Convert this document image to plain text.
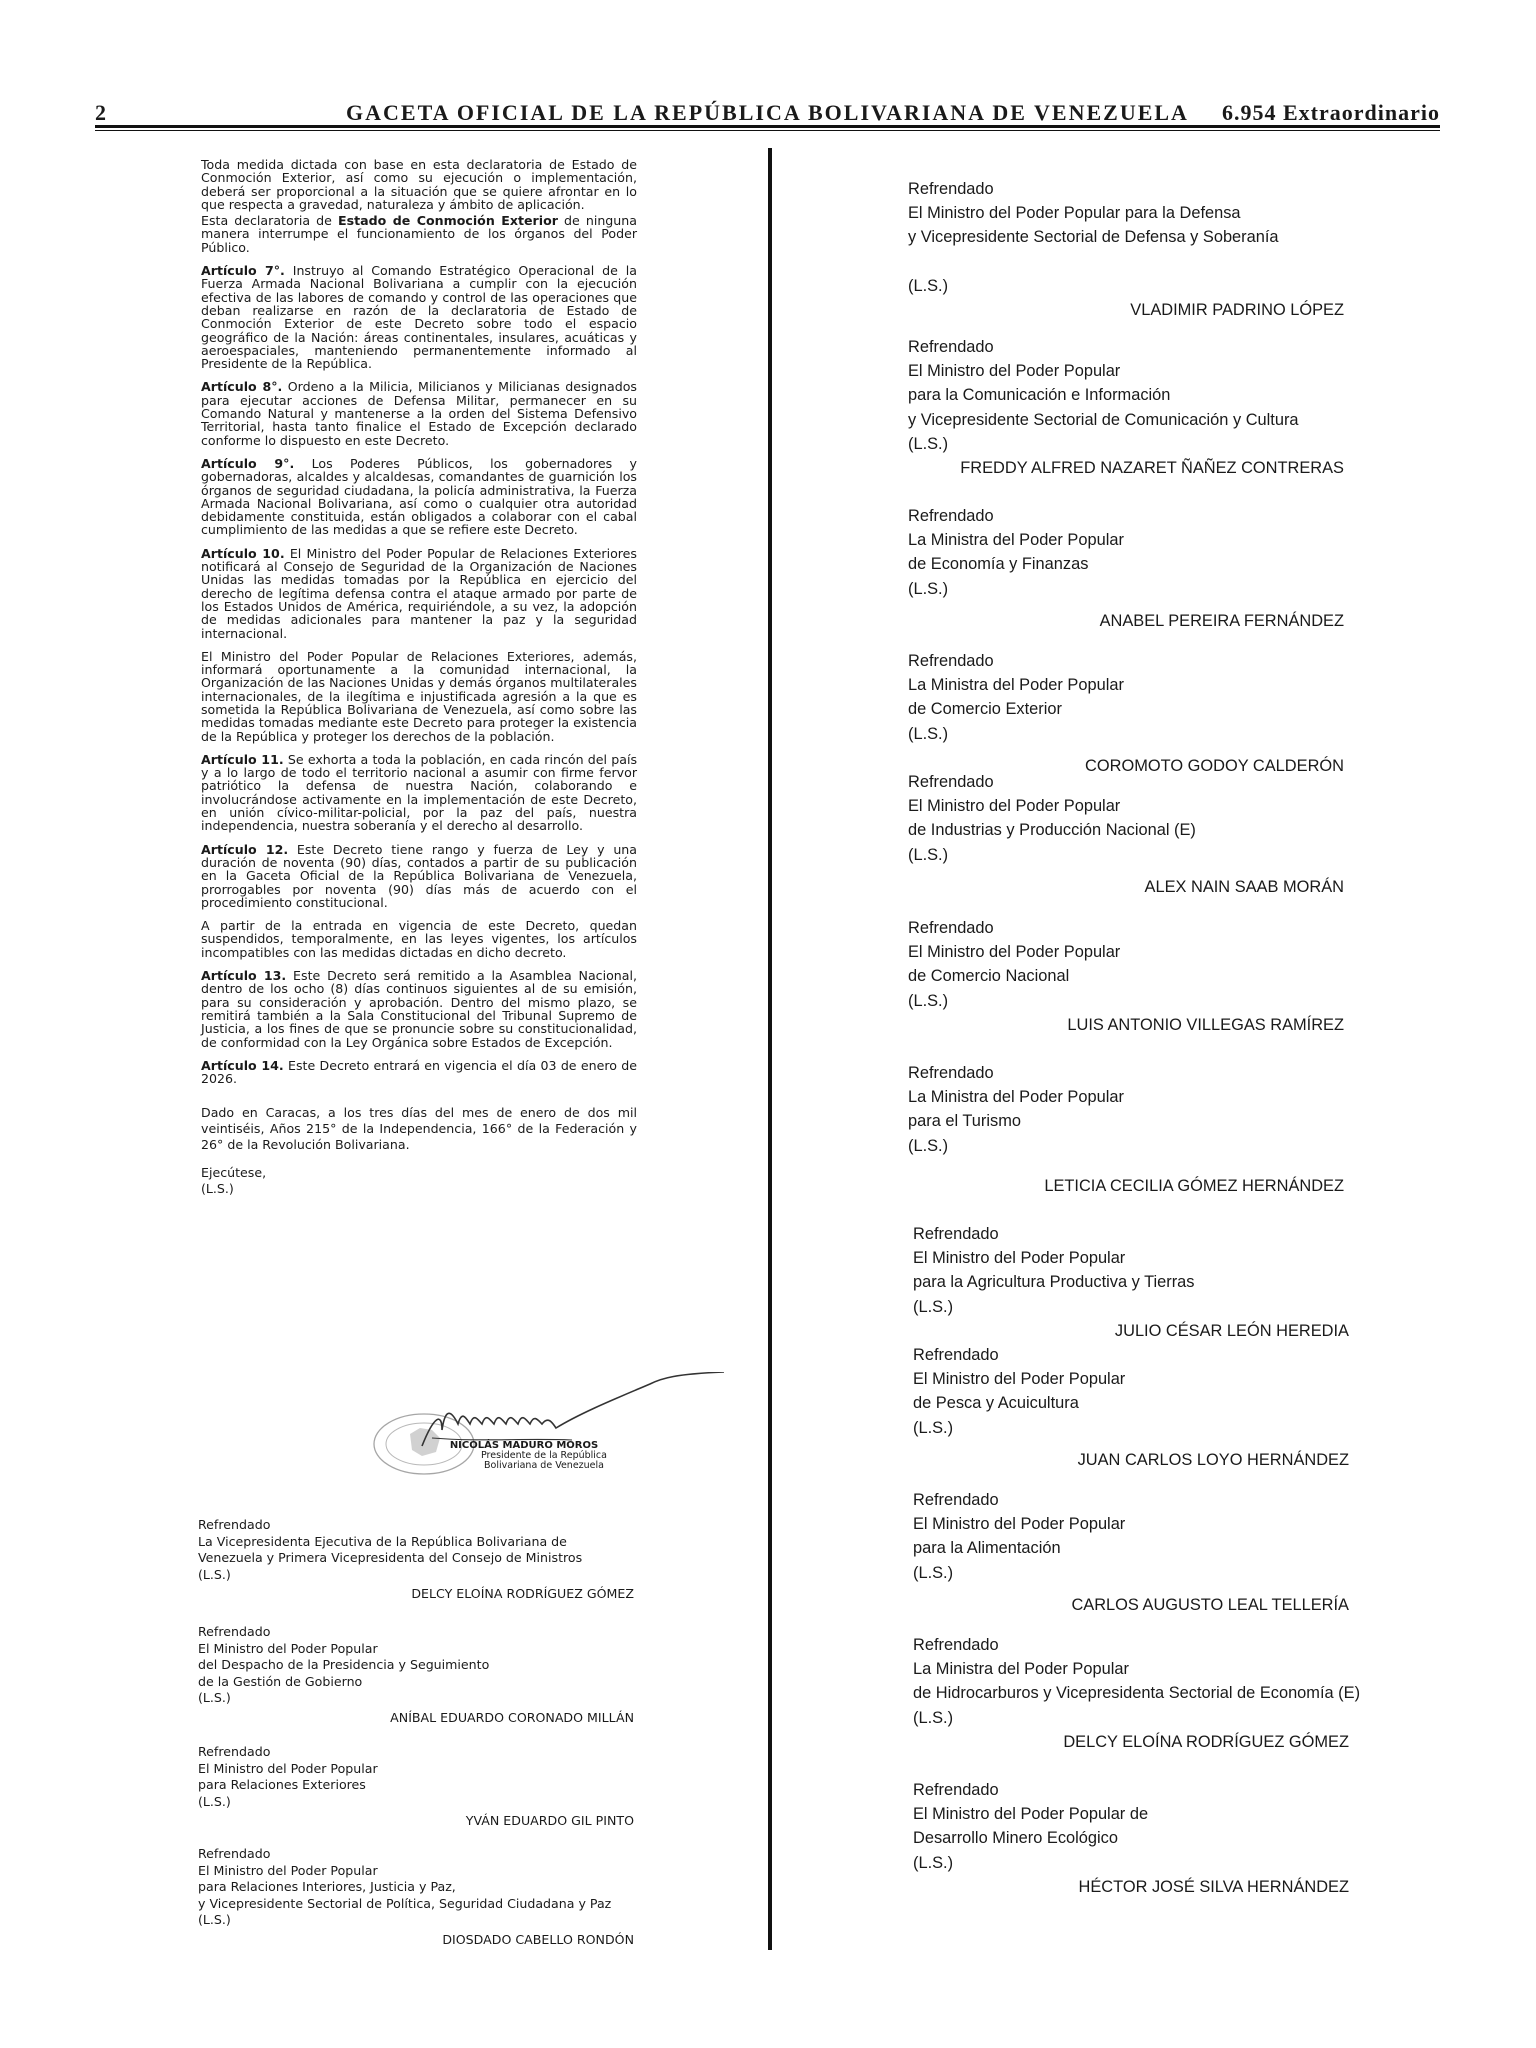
2	GACETA OFICIAL DE LA REPÚBLICA BOLIVARIANA DE VENEZUELA	6.954 Extraordinario

Toda medida dictada con base en esta declaratoria de Estado de Conmoción Exterior, así como su ejecución o implementación, deberá ser proporcional a la situación que se quiere afrontar en lo que respecta a gravedad, naturaleza y ámbito de aplicación.

Esta declaratoria de Estado de Conmoción Exterior de ninguna manera interrumpe el funcionamiento de los órganos del Poder Público.

Artículo 7°. Instruyo al Comando Estratégico Operacional de la Fuerza Armada Nacional Bolivariana a cumplir con la ejecución efectiva de las labores de comando y control de las operaciones que deban realizarse en razón de la declaratoria de Estado de Conmoción Exterior de este Decreto sobre todo el espacio geográfico de la Nación: áreas continentales, insulares, acuáticas y aeroespaciales, manteniendo permanentemente informado al Presidente de la República.

Artículo 8°. Ordeno a la Milicia, Milicianos y Milicianas designados para ejecutar acciones de Defensa Militar, permanecer en su Comando Natural y mantenerse a la orden del Sistema Defensivo Territorial, hasta tanto finalice el Estado de Excepción declarado conforme lo dispuesto en este Decreto.

Artículo 9°. Los Poderes Públicos, los gobernadores y gobernadoras, alcaldes y alcaldesas, comandantes de guarnición los órganos de seguridad ciudadana, la policía administrativa, la Fuerza Armada Nacional Bolivariana, así como o cualquier otra autoridad debidamente constituida, están obligados a colaborar con el cabal cumplimiento de las medidas a que se refiere este Decreto.

Artículo 10. El Ministro del Poder Popular de Relaciones Exteriores notificará al Consejo de Seguridad de la Organización de Naciones Unidas las medidas tomadas por la República en ejercicio del derecho de legítima defensa contra el ataque armado por parte de los Estados Unidos de América, requiriéndole, a su vez, la adopción de medidas adicionales para mantener la paz y la seguridad internacional.

El Ministro del Poder Popular de Relaciones Exteriores, además, informará oportunamente a la comunidad internacional, la Organización de las Naciones Unidas y demás órganos multilaterales internacionales, de la ilegítima e injustificada agresión a la que es sometida la República Bolivariana de Venezuela, así como sobre las medidas tomadas mediante este Decreto para proteger la existencia de la República y proteger los derechos de la población.

Artículo 11. Se exhorta a toda la población, en cada rincón del país y a lo largo de todo el territorio nacional a asumir con firme fervor patriótico la defensa de nuestra Nación, colaborando e involucrándose activamente en la implementación de este Decreto, en unión cívico-militar-policial, por la paz del país, nuestra independencia, nuestra soberanía y el derecho al desarrollo.

Artículo 12. Este Decreto tiene rango y fuerza de Ley y una duración de noventa (90) días, contados a partir de su publicación en la Gaceta Oficial de la República Bolivariana de Venezuela, prorrogables por noventa (90) días más de acuerdo con el procedimiento constitucional.

A partir de la entrada en vigencia de este Decreto, quedan suspendidos, temporalmente, en las leyes vigentes, los artículos incompatibles con las medidas dictadas en dicho decreto.

Artículo 13. Este Decreto será remitido a la Asamblea Nacional, dentro de los ocho (8) días continuos siguientes al de su emisión, para su consideración y aprobación. Dentro del mismo plazo, se remitirá también a la Sala Constitucional del Tribunal Supremo de Justicia, a los fines de que se pronuncie sobre su constitucionalidad, de conformidad con la Ley Orgánica sobre Estados de Excepción.

Artículo 14. Este Decreto entrará en vigencia el día 03 de enero de 2026.

Dado en Caracas, a los tres días del mes de enero de dos mil veintiséis, Años 215° de la Independencia, 166° de la Federación y 26° de la Revolución Bolivariana.

Ejecútese,
(L.S.)
NICOLÁS MADURO MOROS
Presidente de la República
Bolivariana de Venezuela
Refrendado
La Vicepresidenta Ejecutiva de la República Bolivariana de
Venezuela y Primera Vicepresidenta del Consejo de Ministros
(L.S.)
DELCY ELOÍNA RODRÍGUEZ GÓMEZ
Refrendado
El Ministro del Poder Popular
del Despacho de la Presidencia y Seguimiento
de la Gestión de Gobierno
(L.S.)
ANÍBAL EDUARDO CORONADO MILLÁN
Refrendado
El Ministro del Poder Popular
para Relaciones Exteriores
(L.S.)
YVÁN EDUARDO GIL PINTO
Refrendado
El Ministro del Poder Popular
para Relaciones Interiores, Justicia y Paz,
y Vicepresidente Sectorial de Política, Seguridad Ciudadana y Paz
(L.S.)
DIOSDADO CABELLO RONDÓN
Refrendado
El Ministro del Poder Popular para la Defensa
y Vicepresidente Sectorial de Defensa y Soberanía

(L.S.)
VLADIMIR PADRINO LÓPEZ
Refrendado
El Ministro del Poder Popular
para la Comunicación e Información
y Vicepresidente Sectorial de Comunicación y Cultura
(L.S.)
FREDDY ALFRED NAZARET ÑAÑEZ CONTRERAS
Refrendado
La Ministra del Poder Popular
de Economía y Finanzas
(L.S.)
ANABEL PEREIRA FERNÁNDEZ
Refrendado
La Ministra del Poder Popular
de Comercio Exterior
(L.S.)
COROMOTO GODOY CALDERÓN
Refrendado
El Ministro del Poder Popular
de Industrias y Producción Nacional (E)
(L.S.)
ALEX NAIN SAAB MORÁN
Refrendado
El Ministro del Poder Popular
de Comercio Nacional
(L.S.)
LUIS ANTONIO VILLEGAS RAMÍREZ
Refrendado
La Ministra del Poder Popular
para el Turismo
(L.S.)
LETICIA CECILIA GÓMEZ HERNÁNDEZ
Refrendado
El Ministro del Poder Popular
para la Agricultura Productiva y Tierras
(L.S.)
JULIO CÉSAR LEÓN HEREDIA
Refrendado
El Ministro del Poder Popular
de Pesca y Acuicultura
(L.S.)
JUAN CARLOS LOYO HERNÁNDEZ
Refrendado
El Ministro del Poder Popular
para la Alimentación
(L.S.)
CARLOS AUGUSTO LEAL TELLERÍA
Refrendado
La Ministra del Poder Popular
de Hidrocarburos y Vicepresidenta Sectorial de Economía (E)
(L.S.)
DELCY ELOÍNA RODRÍGUEZ GÓMEZ
Refrendado
El Ministro del Poder Popular de
Desarrollo Minero Ecológico
(L.S.)
HÉCTOR JOSÉ SILVA HERNÁNDEZ
